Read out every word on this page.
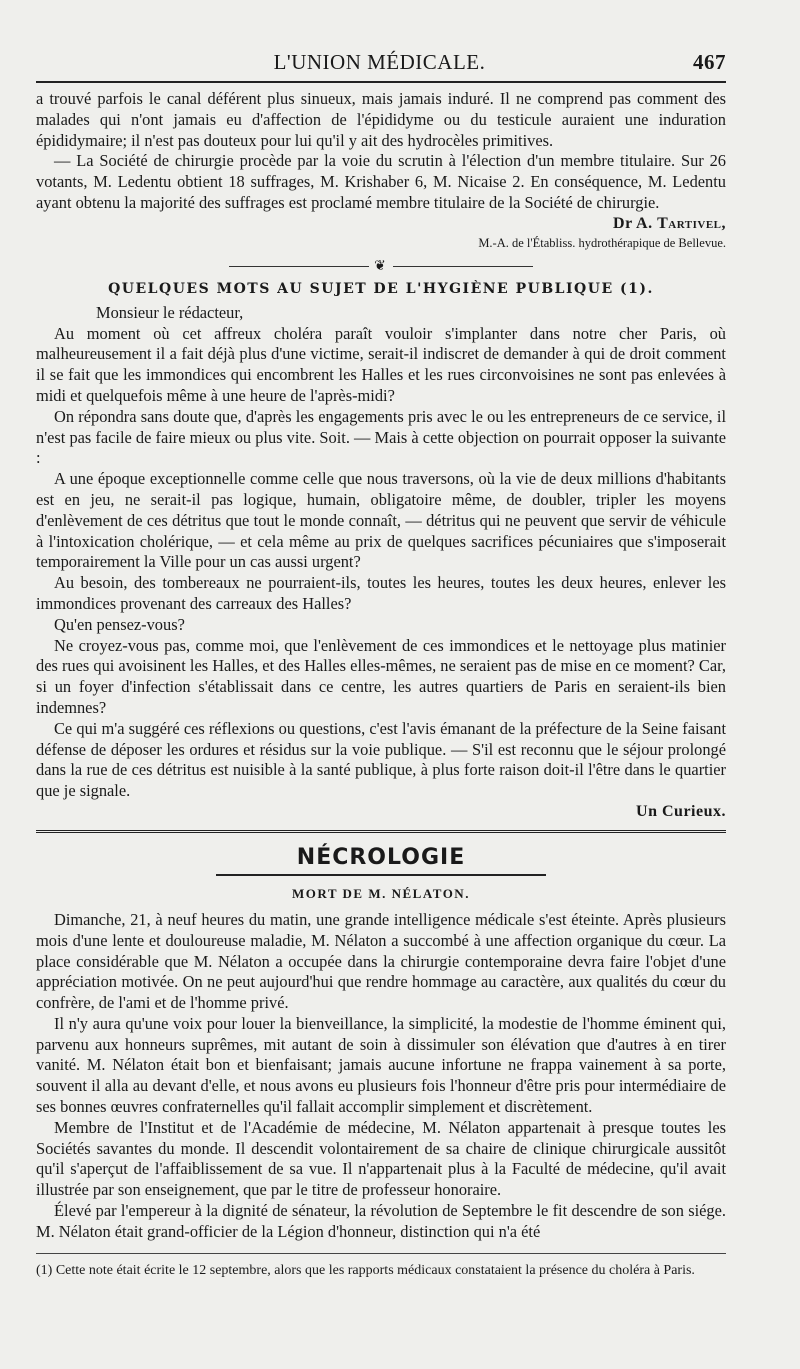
L'UNION MÉDICALE.	467

a trouvé parfois le canal déférent plus sinueux, mais jamais induré. Il ne comprend pas comment des malades qui n'ont jamais eu d'affection de l'épididyme ou du testicule auraient une induration épididymaire; il n'est pas douteux pour lui qu'il y ait des hydrocèles primitives.

— La Société de chirurgie procède par la voie du scrutin à l'élection d'un membre titulaire. Sur 26 votants, M. Ledentu obtient 18 suffrages, M. Krishaber 6, M. Nicaise 2. En conséquence, M. Ledentu ayant obtenu la majorité des suffrages est proclamé membre titulaire de la Société de chirurgie.

Dr A. Tartivel,
M.-A. de l'Établiss. hydrothérapique de Bellevue.
❦
QUELQUES MOTS AU SUJET DE L'HYGIÈNE PUBLIQUE (1).

Monsieur le rédacteur,

Au moment où cet affreux choléra paraît vouloir s'implanter dans notre cher Paris, où malheureusement il a fait déjà plus d'une victime, serait-il indiscret de demander à qui de droit comment il se fait que les immondices qui encombrent les Halles et les rues circonvoisines ne sont pas enlevées à midi et quelquefois même à une heure de l'après-midi?

On répondra sans doute que, d'après les engagements pris avec le ou les entrepreneurs de ce service, il n'est pas facile de faire mieux ou plus vite. Soit. — Mais à cette objection on pourrait opposer la suivante :

A une époque exceptionnelle comme celle que nous traversons, où la vie de deux millions d'habitants est en jeu, ne serait-il pas logique, humain, obligatoire même, de doubler, tripler les moyens d'enlèvement de ces détritus que tout le monde connaît, — détritus qui ne peuvent que servir de véhicule à l'intoxication cholérique, — et cela même au prix de quelques sacrifices pécuniaires que s'imposerait temporairement la Ville pour un cas aussi urgent?

Au besoin, des tombereaux ne pourraient-ils, toutes les heures, toutes les deux heures, enlever les immondices provenant des carreaux des Halles?

Qu'en pensez-vous?

Ne croyez-vous pas, comme moi, que l'enlèvement de ces immondices et le nettoyage plus matinier des rues qui avoisinent les Halles, et des Halles elles-mêmes, ne seraient pas de mise en ce moment? Car, si un foyer d'infection s'établissait dans ce centre, les autres quartiers de Paris en seraient-ils bien indemnes?

Ce qui m'a suggéré ces réflexions ou questions, c'est l'avis émanant de la préfecture de la Seine faisant défense de déposer les ordures et résidus sur la voie publique. — S'il est reconnu que le séjour prolongé dans la rue de ces détritus est nuisible à la santé publique, à plus forte raison doit-il l'être dans le quartier que je signale.

Un Curieux.
NÉCROLOGIE
MORT DE M. NÉLATON.

Dimanche, 21, à neuf heures du matin, une grande intelligence médicale s'est éteinte. Après plusieurs mois d'une lente et douloureuse maladie, M. Nélaton a succombé à une affection organique du cœur. La place considérable que M. Nélaton a occupée dans la chirurgie contemporaine devra faire l'objet d'une appréciation motivée. On ne peut aujourd'hui que rendre hommage au caractère, aux qualités du cœur du confrère, de l'ami et de l'homme privé.

Il n'y aura qu'une voix pour louer la bienveillance, la simplicité, la modestie de l'homme éminent qui, parvenu aux honneurs suprêmes, mit autant de soin à dissimuler son élévation que d'autres à en tirer vanité. M. Nélaton était bon et bienfaisant; jamais aucune infortune ne frappa vainement à sa porte, souvent il alla au devant d'elle, et nous avons eu plusieurs fois l'honneur d'être pris pour intermédiaire de ses bonnes œuvres confraternelles qu'il fallait accomplir simplement et discrètement.

Membre de l'Institut et de l'Académie de médecine, M. Nélaton appartenait à presque toutes les Sociétés savantes du monde. Il descendit volontairement de sa chaire de clinique chirurgicale aussitôt qu'il s'aperçut de l'affaiblissement de sa vue. Il n'appartenait plus à la Faculté de médecine, qu'il avait illustrée par son enseignement, que par le titre de professeur honoraire.

Élevé par l'empereur à la dignité de sénateur, la révolution de Septembre le fit descendre de son siége. M. Nélaton était grand-officier de la Légion d'honneur, distinction qui n'a été

(1) Cette note était écrite le 12 septembre, alors que les rapports médicaux constataient la présence du choléra à Paris.
